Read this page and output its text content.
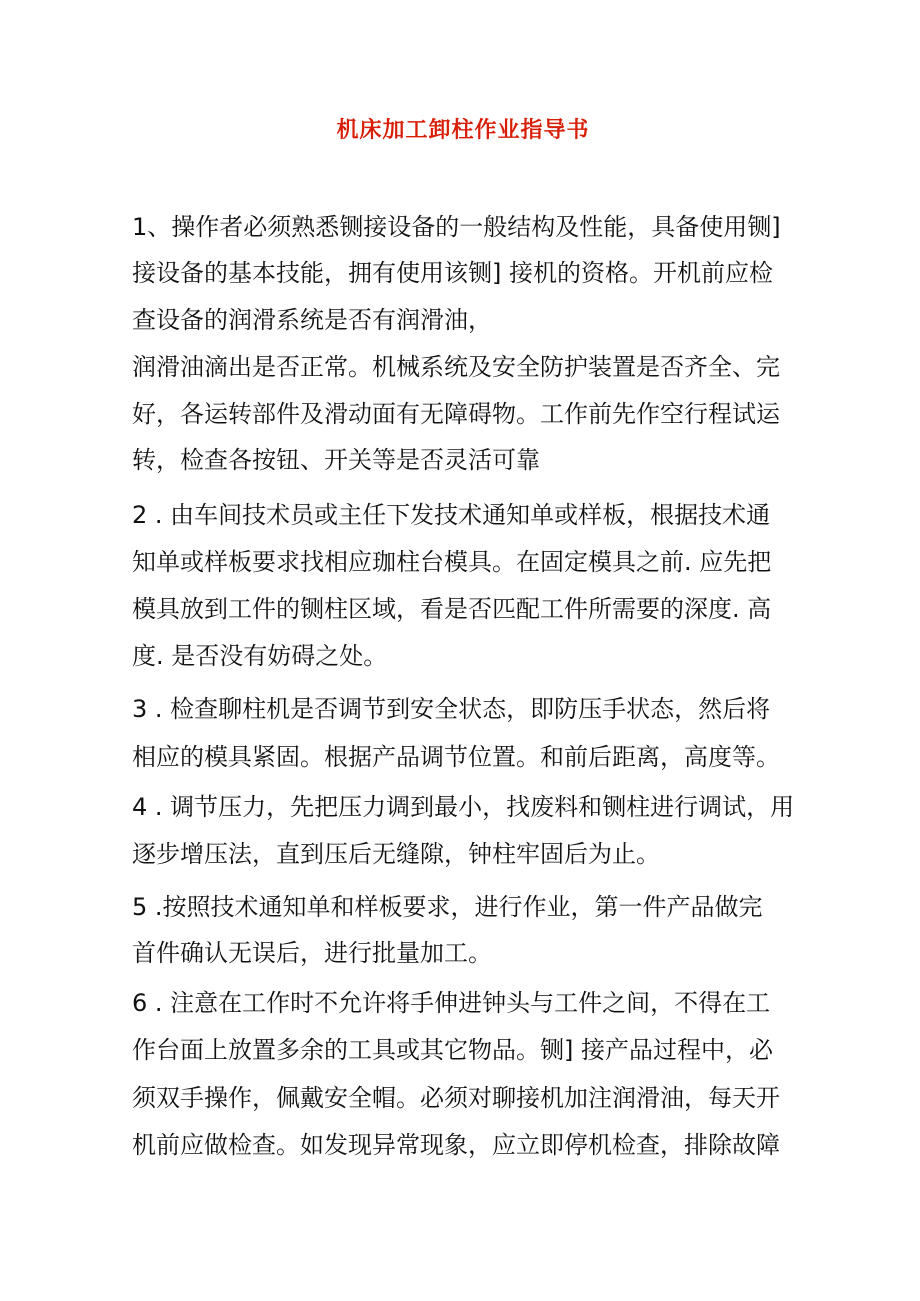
机床加工卸柱作业指导书
1、操作者必须熟悉铡接设备的一般结构及性能，具备使用铡]
接设备的基本技能，拥有使用该铡] 接机的资格。开机前应检
查设备的润滑系统是否有润滑油，
润滑油滴出是否正常。机械系统及安全防护装置是否齐全、完
好，各运转部件及滑动面有无障碍物。工作前先作空行程试运
转，检查各按钮、开关等是否灵活可靠
2 . 由车间技术员或主任下发技术通知单或样板，根据技术通
知单或样板要求找相应珈柱台模具。在固定模具之前. 应先把
模具放到工件的铡柱区域，看是否匹配工件所需要的深度. 高
度. 是否没有妨碍之处。
3 . 检查聊柱机是否调节到安全状态，即防压手状态，然后将
相应的模具紧固。根据产品调节位置。和前后距离，高度等。
4 . 调节压力，先把压力调到最小，找废料和铡柱进行调试，用
逐步增压法，直到压后无缝隙，钟柱牢固后为止。
5 .按照技术通知单和样板要求，进行作业，第一件产品做完
首件确认无误后，进行批量加工。
6 . 注意在工作时不允许将手伸进钟头与工件之间，不得在工
作台面上放置多余的工具或其它物品。铡] 接产品过程中，必
须双手操作，佩戴安全帽。必须对聊接机加注润滑油，每天开
机前应做检查。如发现异常现象，应立即停机检查，排除故障
